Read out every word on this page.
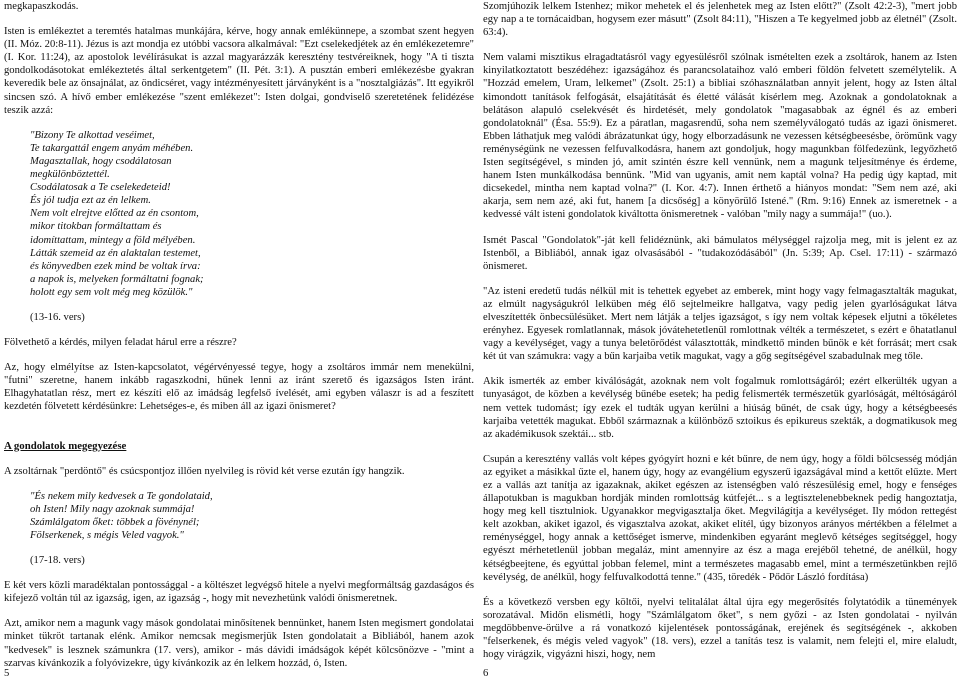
megkapaszkodás.

Isten is emlékeztet a teremtés hatalmas munkájára, kérve, hogy annak emlékünnepe, a szombat szent hegyen (II. Móz. 20:8-11). Jézus is azt mondja ez utóbbi vacsora alkalmával: "Ezt cselekedjétek az én emlékezetemre" (I. Kor. 11:24), az apostolok levélírásukat is azzal magyarázzák keresztény testvéreiknek, hogy "A ti tiszta gondolkodásotokat emlékeztetés által serkentgetem" (II. Pét. 3:1). A pusztán emberi emlékezésbe gyakran keveredik bele az önsajnálat, az öndicséret, vagy intézményesített járványként is a "nosztalgiázás". Itt egyikről sincsen szó. A hívő ember emlékezése "szent emlékezet": Isten dolgai, gondviselő szeretetének felidézése teszik azzá:

"Bizony Te alkottad veséimet,
Te takargattál engem anyám méhében.
Magasztallak, hogy csodálatosan
megkülönböztettél.
Csodálatosak a Te cselekedeteid!
És jól tudja ezt az én lelkem.
Nem volt elrejtve előtted az én csontom,
mikor titokban formáltattam és
idomíttattam, mintegy a föld mélyében.
Látták szemeid az én alaktalan testemet,
és könyvedben ezek mind be voltak írva:
a napok is, melyeken formáltatni fognak;
holott egy sem volt még meg közülök."
(13-16. vers)

Fölvethető a kérdés, milyen feladat hárul erre a részre?

Az, hogy elmélyítse az Isten-kapcsolatot, végérvényessé tegye, hogy a zsoltáros immár nem menekülni, "futni" szeretne, hanem inkább ragaszkodni, hűnek lenni az iránt szerető és igazságos Isten iránt. Elhagyhatatlan rész, mert ez készíti elő az imádság legfelső ívelését, ami egyben válaszr is ad a feszített kezdetén fölvetett kérdésünkre: Lehetséges-e, és miben áll az igazi önismeret?

A gondolatok megegyezése

A zsoltárnak "perdöntő" és csúcspontjoz illően nyelvileg is rövid két verse ezután így hangzik.

"És nekem mily kedvesek a Te gondolataid,
oh Isten! Mily nagy azoknak summája!
Számlálgatom őket: többek a fövénynél;
Fölserkenek, s mégis Veled vagyok."
(17-18. vers)

E két vers közli maradéktalan pontossággal - a költészet legvégső hitele a nyelvi megformáltság gazdaságos és kifejező voltán túl az igazság, igen, az igazság -, hogy mit nevezhetünk valódi önismeretnek.

Azt, amikor nem a magunk vagy mások gondolatai minősítenek bennünket, hanem Isten megismert gondolatai minket tükröt tartanak elénk. Amikor nemcsak megismerjük Isten gondolatait a Bibliából, hanem azok "kedvesek" is lesznek számunkra (17. vers), amikor - más dávidi imádságok képét kölcsönözve - "mint a szarvas kívánkozik a folyóvizekre, úgy kívánkozik az én lelkem hozzád, ó, Isten.

Szomjúhozik lelkem Istenhez; mikor mehetek el és jelenhetek meg az Isten előtt?" (Zsolt 42:2-3), "mert jobb egy nap a te tornácaidban, hogysem ezer másutt" (Zsolt 84:11), "Hiszen a Te kegyelmed jobb az életnél" (Zsolt. 63:4).

Nem valami misztikus elragadtatásról vagy egyesülésről szólnak ismételten ezek a zsoltárok, hanem az Isten kinyilatkoztatott beszédéhez: igazságához és parancsolataihoz való emberi földön felvetett személytelik. A "Hozzád emelem, Uram, lelkemet" (Zsolt. 25:1) a bibliai szóhasználatban annyit jelent, hogy az Isten által kimondott tanítások felfogását, elsajátítását és életté válását kísérlem meg. Azoknak a gondolatoknak a belátáson alapuló cselekvését és hirdetését, mely gondolatok "magasabbak az égnél és az emberi gondolatoknál" (Ésa. 55:9). Ez a páratlan, magasrendű, soha nem személyválogató tudás az igazi önismeret. Ebben láthatjuk meg valódi ábrázatunkat úgy, hogy elborzadásunk ne vezessen kétségbeesésbe, örömünk vagy reménységünk ne vezessen felfuvalkodásra, hanem azt gondoljuk, hogy magunkban fölfedezünk, legyőzhető Isten segítségével, s minden jó, amit szintén észre kell vennünk, nem a magunk teljesítménye és érdeme, hanem Isten munkálkodása bennünk. "Mid van ugyanis, amit nem kaptál volna? Ha pedig úgy kaptad, mit dicsekedel, mintha nem kaptad volna?" (I. Kor. 4:7). Innen érthető a hiányos mondat: "Sem nem azé, aki akarja, sem nem azé, aki fut, hanem [a dicsőség] a könyörülő Istené." (Rm. 9:16) Ennek az ismeretnek - a kedvessé vált isteni gondolatok kiváltotta önismeretnek - valóban "mily nagy a summája!" (uo.).

Ismét Pascal "Gondolatok"-ját kell felidéznünk, aki bámulatos mélységgel rajzolja meg, mit is jelent ez az Istenből, a Bibliából, annak igaz olvasásából - "tudakozódásából" (Jn. 5:39; Ap. Csel. 17:11) - származó önismeret.

"Az isteni eredetű tudás nélkül mit is tehettek egyebet az emberek, mint hogy vagy felmagasztalták magukat, az elmúlt nagyságukról lelküben még élő sejtelmeikre hallgatva, vagy pedig jelen gyarlóságukat látva elveszítették önbecsülésüket. Mert nem látják a teljes igazságot, s így nem voltak képesek eljutni a tökéletes erényhez. Egyesek romlatlannak, mások jóvátehetetlenül romlottnak vélték a természetet, s ezért e ôhatatlanul vagy a kevélységet, vagy a tunya beletörődést választották, mindkettő minden bűnök e két forrását; mert csak két út van számukra: vagy a bűn karjaiba vetik magukat, vagy a gőg segítségével szabadulnak meg tőle.

Akik ismerték az ember kiválóságát, azoknak nem volt fogalmuk romlottságáról; ezért elkerülték ugyan a tunyaságot, de közben a kevélység bűnébe esetek; ha pedig felismerték természetük gyarlóságát, méltóságáról nem vettek tudomást; így ezek el tudták ugyan kerülni a hiúság bűnét, de csak úgy, hogy a kétségbeesés karjaiba vetették magukat. Ebből származnak a különböző sztoikus és epikureus szekták, a dogmatikusok meg az akadémikusok szektái... stb.

Csupán a keresztény vallás volt képes gyógyírt hozni e két bűnre, de nem úgy, hogy a földi bölcsesség módján az egyiket a másikkal űzte el, hanem úgy, hogy az evangélium egyszerű igazságával mind a kettőt elűzte. Mert ez a vallás azt tanítja az igazaknak, akiket egészen az istenségben való részesülésig emel, hogy e fenséges állapotukban is magukban hordják minden romlottság kútfejét... s a legtisztelenebbeknek pedig hangoztatja, hogy meg kell tisztulniok. Ugyanakkor megvigasztalja őket. Megvilágítja a kevélységet. Ily módon rettegést kelt azokban, akiket igazol, és vigasztalva azokat, akiket elítél, úgy bizonyos arányos mértékben a félelmet a reménységgel, hogy annak a kettőséget ismerve, mindenkiben egyaránt meglevő kétséges segítséggel, hogy egyészt mérhetetlenül jobban megaláz, mint amennyire az ész a maga erejéből tehetné, de anélkül, hogy kétségbeejtene, és egyúttal jobban felemel, mint a természetes magasabb emel, mint a természetünkben rejlő kevélység, de anélkül, hogy felfuvalkodottá tenne." (435, töredék - Pődör László fordítása)

És a következő versben egy költői, nyelvi telitalálat által újra egy megerősítés folytatódik a tünemények sorozatával. Midőn elismétli, hogy "Számlálgatom őket", s nem győzi - az Isten gondolatai - nyilván megdöbbenve-örülve a rá vonatkozó kijelentések pontosságának, erejének és segítségének -, akkoben "felserkenek, és mégis veled vagyok" (18. vers), ezzel a tanítás tesz is valamit, nem felejti el, mire elaludt, hogy virágzik, vigyázni hiszi, hogy, nem

5	6
